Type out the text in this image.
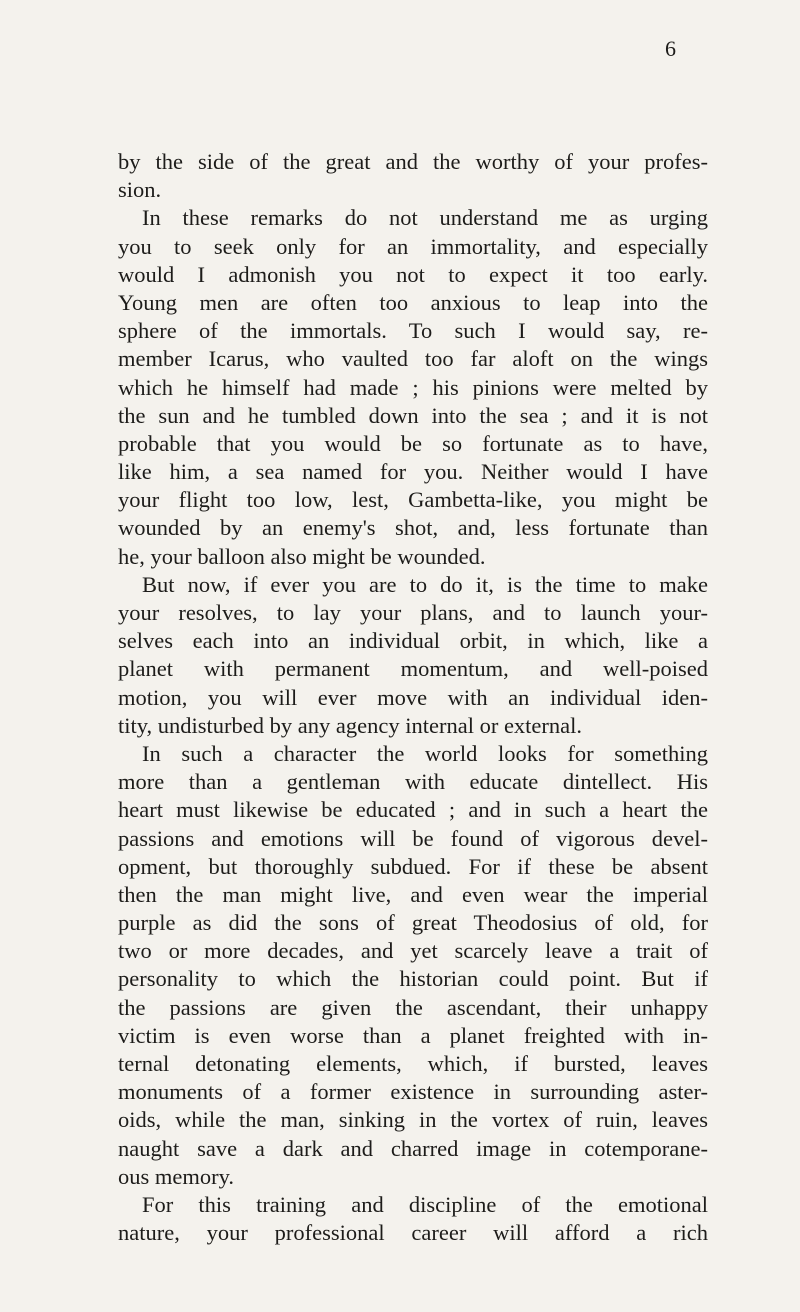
6
by the side of the great and the worthy of your profes-
sion.
In these remarks do not understand me as urging
you to seek only for an immortality, and especially
would I admonish you not to expect it too early.
Young men are often too anxious to leap into the
sphere of the immortals. To such I would say, re-
member Icarus, who vaulted too far aloft on the wings
which he himself had made ; his pinions were melted by
the sun and he tumbled down into the sea ; and it is not
probable that you would be so fortunate as to have,
like him, a sea named for you. Neither would I have
your flight too low, lest, Gambetta-like, you might be
wounded by an enemy's shot, and, less fortunate than
he, your balloon also might be wounded.
But now, if ever you are to do it, is the time to make
your resolves, to lay your plans, and to launch your-
selves each into an individual orbit, in which, like a
planet with permanent momentum, and well-poised
motion, you will ever move with an individual iden-
tity, undisturbed by any agency internal or external.
In such a character the world looks for something
more than a gentleman with educate dintellect. His
heart must likewise be educated ; and in such a heart the
passions and emotions will be found of vigorous devel-
opment, but thoroughly subdued. For if these be absent
then the man might live, and even wear the imperial
purple as did the sons of great Theodosius of old, for
two or more decades, and yet scarcely leave a trait of
personality to which the historian could point. But if
the passions are given the ascendant, their unhappy
victim is even worse than a planet freighted with in-
ternal detonating elements, which, if bursted, leaves
monuments of a former existence in surrounding aster-
oids, while the man, sinking in the vortex of ruin, leaves
naught save a dark and charred image in cotemporane-
ous memory.
For this training and discipline of the emotional
nature, your professional career will afford a rich
